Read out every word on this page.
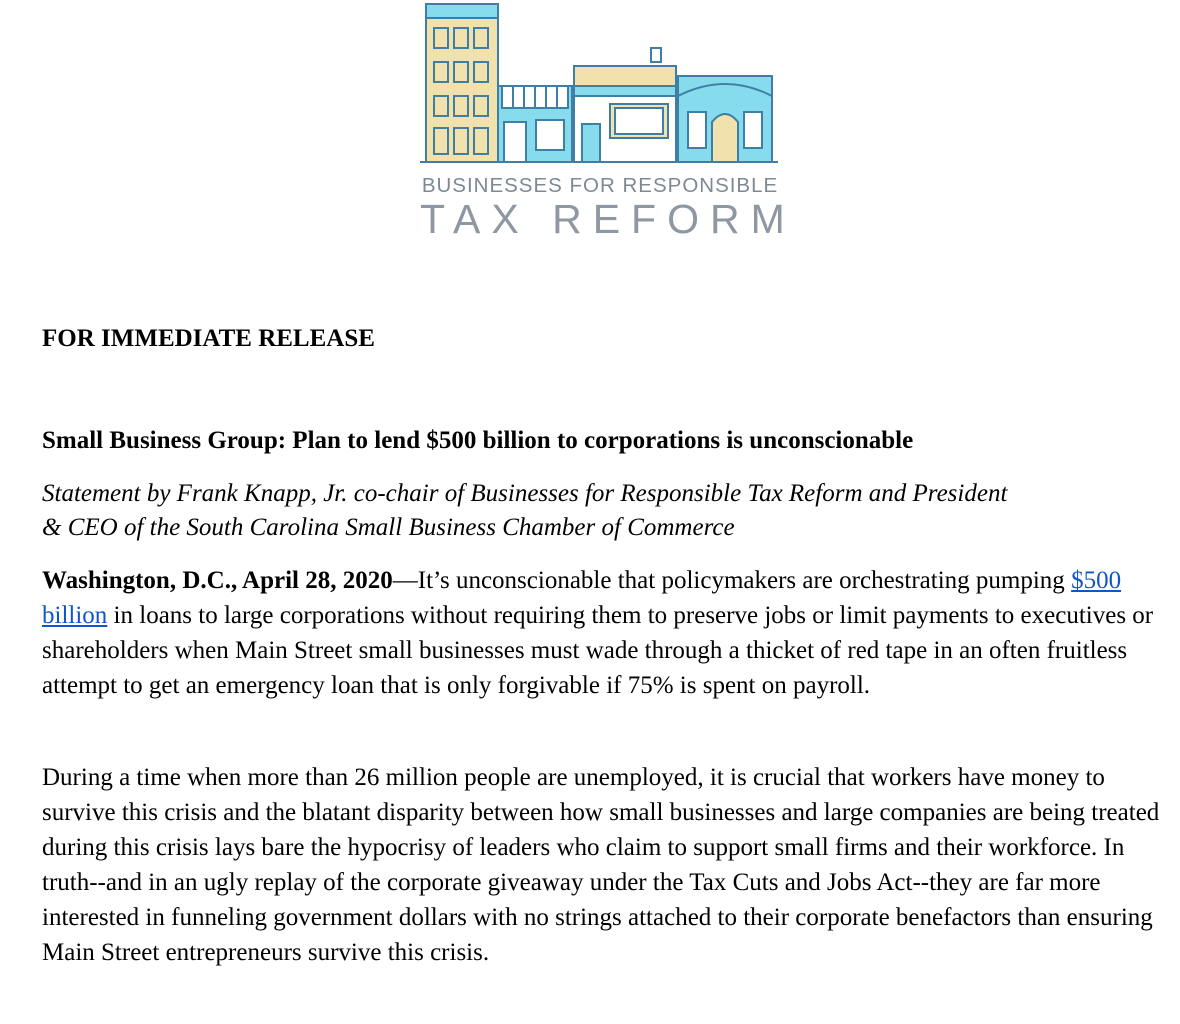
BUSINESSES FOR RESPONSIBLE
TAX REFORM
FOR IMMEDIATE RELEASE
Small Business Group: Plan to lend $500 billion to corporations is unconscionable
Statement by Frank Knapp, Jr. co-chair of Businesses for Responsible Tax Reform and President
& CEO of the South Carolina Small Business Chamber of Commerce
Washington, D.C., April 28, 2020—It’s unconscionable that policymakers are orchestrating pumping $500 billion in loans to large corporations without requiring them to preserve jobs or limit payments to executives or shareholders when Main Street small businesses must wade through a thicket of red tape in an often fruitless attempt to get an emergency loan that is only forgivable if 75% is spent on payroll.
During a time when more than 26 million people are unemployed, it is crucial that workers have money to survive this crisis and the blatant disparity between how small businesses and large companies are being treated during this crisis lays bare the hypocrisy of leaders who claim to support small firms and their workforce. In truth--and in an ugly replay of the corporate giveaway under the Tax Cuts and Jobs Act--they are far more interested in funneling government dollars with no strings attached to their corporate benefactors than ensuring Main Street entrepreneurs survive this crisis.
